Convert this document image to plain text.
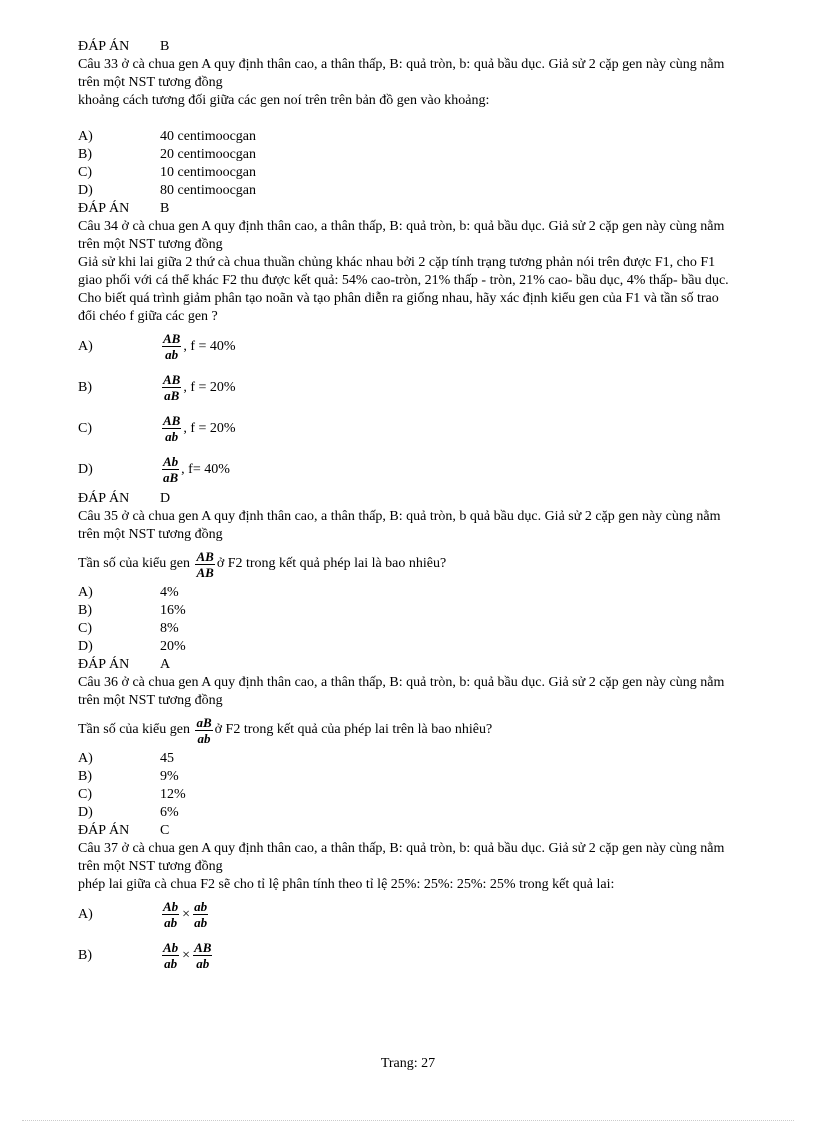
ĐÁP ÁN	B

Câu 33 ở cà chua gen A quy định thân cao, a thân thấp, B: quả tròn, b: quả bầu dục. Giả sử 2 cặp gen này cùng nằm trên một NST tương đồng

khoảng cách tương đối giữa các gen noí trên trên bản đồ gen vào khoảng:

A)	40 centimoocgan
B)	20 centimoocgan
C)	10 centimoocgan
D)	80 centimoocgan
ĐÁP ÁN	B

Câu 34 ở cà chua gen A quy định thân cao, a thân thấp, B: quả tròn, b: quả bầu dục. Giả sử 2 cặp gen này cùng nằm trên một NST tương đồng

Giả sử khi lai giữa 2 thứ cà chua thuần chủng khác nhau bởi 2 cặp tính trạng tương phản nói trên được F1, cho F1 giao phối với cá thể khác F2 thu được kết quả: 54% cao-tròn, 21% thấp - tròn, 21% cao- bầu dục, 4% thấp- bầu dục. Cho biết quá trình giảm phân tạo noãn và tạo phân diễn ra giống nhau, hãy xác định kiểu gen của F1 và tần số trao đổi chéo f giữa các gen ?

A)	$\frac{AB}{ab}$ , f = 40%
B)	$\frac{AB}{aB}$ , f = 20%
C)	$\frac{AB}{ab}$ , f = 20%
D)	$\frac{Ab}{aB}$ , f= 40%
ĐÁP ÁN	D

Câu 35 ở cà chua gen A quy định thân cao, a thân thấp, B: quả tròn, b quả bầu dục. Giả sử 2 cặp gen này cùng nằm trên một NST tương đồng

Tần số của kiểu gen
$\frac{AB}{AB}$ ở F2 trong kết quả phép lai là bao nhiêu?
A)	4%
B)	16%
C)	8%
D)	20%
ĐÁP ÁN	A

Câu 36 ở cà chua gen A quy định thân cao, a thân thấp, B: quả tròn, b: quả bầu dục. Giả sử 2 cặp gen này cùng nằm trên một NST tương đồng

Tần số của kiểu gen
$\frac{aB}{ab}$ ở F2 trong kết quả của phép lai trên là bao nhiêu?
A)	45
B)	9%
C)	12%
D)	6%
ĐÁP ÁN	C

Câu 37 ở cà chua gen A quy định thân cao, a thân thấp, B: quả tròn, b: quả bầu dục. Giả sử 2 cặp gen này cùng nằm trên một NST tương đồng

phép lai giữa cà chua F2 sẽ cho tỉ lệ phân tính theo tỉ lệ 25%: 25%: 25%: 25% trong kết quả lai:

A)	$\frac{Ab}{ab} \times \frac{ab}{ab}$
B)	$\frac{Ab}{ab} \times \frac{AB}{ab}$
Trang: 27
